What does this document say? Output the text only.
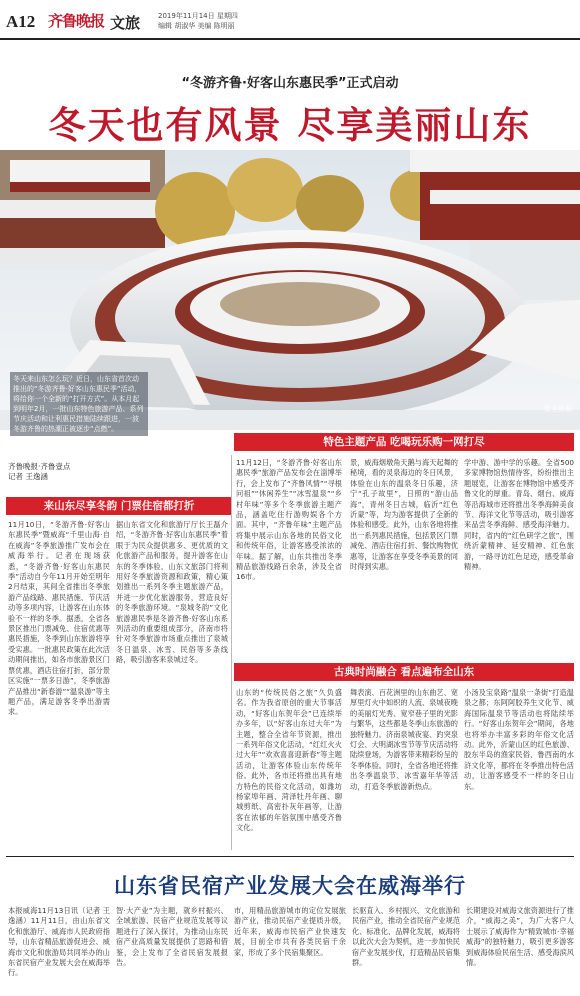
A12 齐鲁晚报 文旅	2019年11月14日 星期四
编辑 胡淑华 美编 陈明丽
“冬游齐鲁·好客山东惠民季”正式启动
冬天也有风景 尽享美丽山东
冬天来山东怎么玩？近日，山东省首次动推出的“冬游齐鲁·好客山东惠民季”活动，将给你一个全新的“打开方式”。从本月起到明年2月，一批山东特色旅游产品、系列节庆活动和让利惠民措施陆续跟进，一波冬游齐鲁的热潮正被逐步“点燃”。
智圣函瓶
齐鲁晚报·齐鲁壹点
记者 王逸涵
来山东尽享冬韵 门票住宿都打折
特色主题产品 吃喝玩乐购一网打尽
古典时尚融合 看点遍布全山东
11月10日，“冬游齐鲁·好客山东惠民季”暨威海“千里山海·自在威海”冬季旅游推广发布会在威海举行。记者在现场获悉，“冬游齐鲁·好客山东惠民季”活动自今年11月开始至明年2月结束，其间全省推出冬季旅游产品线路、惠民措施、节庆活动等多项内容，让游客在山东体验不一样的冬季。据悉，全省各景区推出门票减免、住宿优惠等惠民措施，冬季到山东旅游将享受实惠。一批惠民政策在此次活动期间推出，如各市旅游景区门票优惠，酒店住宿打折，部分景区实施“一票多日游”，冬季旅游产品推出“新春游”“温泉游”等主题产品，满足游客冬季出游需求。
据山东省文化和旅游厅厅长王磊介绍，“冬游齐鲁·好客山东惠民季”着眼于为民众提供惠多、更优质的文化旅游产品和服务，提升游客在山东的冬季体验，山东文旅部门将利用好冬季旅游资源和政策，精心策划推出一系列冬季主题旅游产品，并进一步优化旅游服务，营造良好的冬季旅游环境。“泉城冬韵”文化旅游惠民季是冬游齐鲁·好客山东系列活动的重要组成部分，济南市将针对冬季旅游市场重点推出了泉城冬日温泉、冰雪、民俗等多条线路，吸引游客来泉城过冬。
11月12日，“冬游齐鲁·好客山东惠民季”旅游产品发布会在淄博举行，会上发布了“齐鲁风情”“寻根问祖”“休闲养生”“冰雪温泉”“乡村年味”等多个冬季旅游主题产品，涵盖吃住行游购娱各个方面。其中，“齐鲁年味”主题产品将集中展示山东各地的民俗文化和传统年俗，让游客感受浓浓的年味。据了解，山东共推出冬季精品旅游线路百余条，涉及全省16市。
景，威海烟墩角天鹅与海天起舞的秘境，看的灵泉海边的冬日风景，体验在山东的温泉冬日乐趣，济宁“孔子故里”，日照的“游山品海”，青州冬日古城，临沂“红色沂蒙”等，均为游客提供了全新的体验和感受。此外，山东各地将推出一系列惠民措施，包括景区门票减免、酒店住宿打折、餐饮购物优惠等，让游客在享受冬季美景的同时得到实惠。
学中游、游中学的乐趣。全省500多家博物馆热情待客，纷纷推出主题展览，让游客在博物馆中感受齐鲁文化的厚重。青岛、烟台、威海等沿海城市还将推出冬季海鲜美食节、海洋文化节等活动，吸引游客来品尝冬季海鲜、感受海洋魅力。同时，省内的“红色研学之旅”，围绕沂蒙精神、延安精神、红色旅游，一路寻访红色足迹，感受革命精神。
山东的“传统民俗之旅”久负盛名。作为我省原创的重大节事活动，“好客山东贺年会”已连续举办多年，以“好客山东过大年”为主题，整合全省年节资源，推出一系列年俗文化活动，“红红火火过大年”“欢欢喜喜迎新春”等主题活动，让游客体验山东传统年俗。此外，各市还将推出具有地方特色的民俗文化活动，如潍坊杨家埠年画、菏泽牡丹年画、聊城剪纸、高密扑灰年画等，让游客在浓郁的年俗氛围中感受齐鲁文化。
舞表演、百花洲里的山东曲艺、宽厚里灯火中如织的人流、泉城夜晚的美丽灯光秀、宽窄巷子里的光影与繁华，这些都是冬季山东旅游的独特魅力。济南泉城夜宴、趵突泉灯会、大明湖冰雪节等节庆活动将陆续登场，为游客带来精彩纷呈的冬季体验。同时，全省各地还将推出冬季温泉节、冰雪嘉年华等活动，打造冬季旅游新热点。
小汤及宝泉路“温泉一条街”打造温泉之都；东阿阿胶养生文化节、威海国际温泉节等活动也将陆续举行。“好客山东贺年会”期间，各地也将举办丰富多彩的年俗文化活动。此外，沂蒙山区的红色旅游、胶东半岛的渔家民俗、鲁西南的水浒文化等，都将在冬季推出特色活动，让游客感受不一样的冬日山东。
山东省民宿产业发展大会在威海举行
本报威海11月13日讯（记者 王逸涵）11月11日，由山东省文化和旅游厅、威海市人民政府指导，山东省精品旅游促进会、威海市文化和旅游局共同举办的山东省民宿产业发展大会在威海举行。
智·大产业”为主题，就乡村振兴、全域旅游、民宿产业规范发展等议题进行了深入探讨，为推动山东民宿产业高质量发展提供了思路和借鉴，会上发布了全省民宿发展报告。
市，用精品旅游城市的定位发展旅游产业，推动民宿产业提质升级，近年来，威海市民宿产业快速发展，目前全市共有各类民宿千余家，形成了多个民宿集聚区。
长驱直入、乡村振兴、文化旅游和民宿产业，推动全省民宿产业规范化、标准化、品牌化发展，威海将以此次大会为契机，进一步加快民宿产业发展步伐，打造精品民宿集群。
长期建设对威海文旅资源进行了推介，“威海之美”，为广大客户人士展示了威海作为“精致城市·幸福威海”的独特魅力，吸引更多游客到威海体验民宿生活、感受海滨风情。
